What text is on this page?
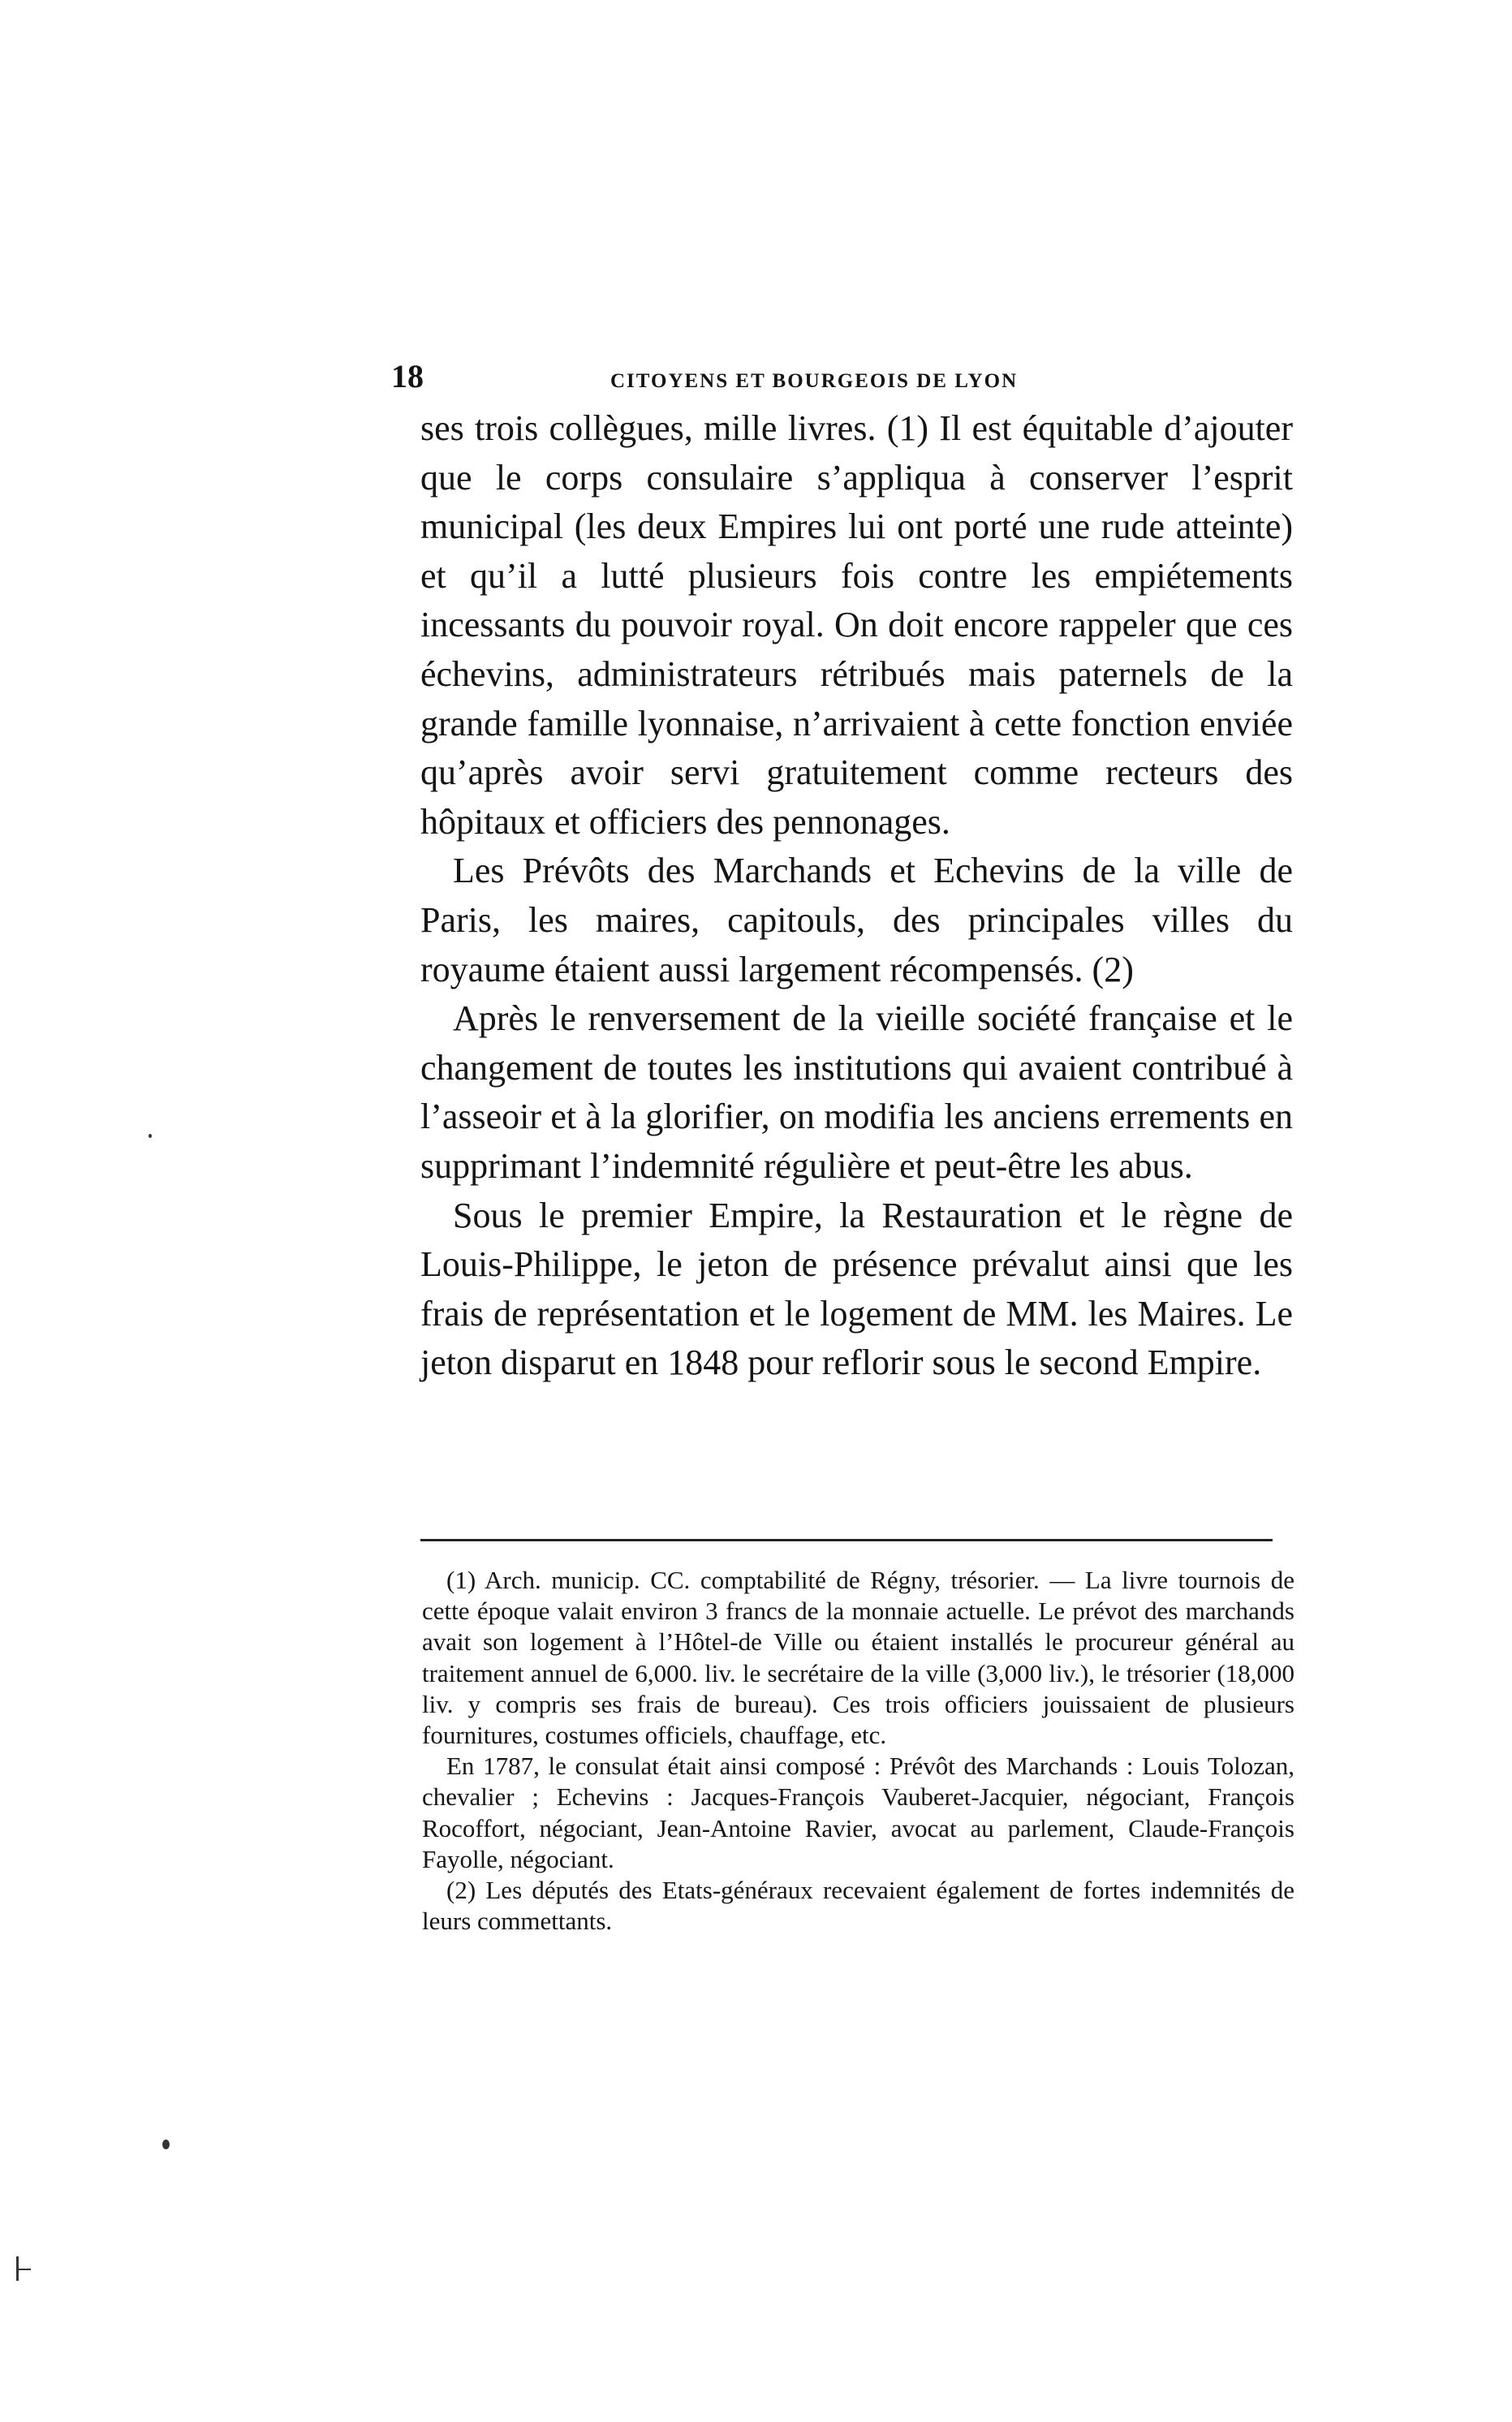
18	CITOYENS ET BOURGEOIS DE LYON

ses trois collègues, mille livres. (1) Il est équitable d’ajouter que le corps consulaire s’appliqua à conserver l’esprit municipal (les deux Empires lui ont porté une rude atteinte) et qu’il a lutté plusieurs fois contre les empiétements incessants du pouvoir royal. On doit encore rappeler que ces échevins, administrateurs rétribués mais paternels de la grande famille lyonnaise, n’arrivaient à cette fonction enviée qu’après avoir servi gratuitement comme recteurs des hôpitaux et officiers des pennonages.

Les Prévôts des Marchands et Echevins de la ville de Paris, les maires, capitouls, des principales villes du royaume étaient aussi largement récompensés. (2)

Après le renversement de la vieille société française et le changement de toutes les institutions qui avaient contribué à l’asseoir et à la glorifier, on modifia les anciens errements en supprimant l’indemnité régulière et peut-être les abus.

Sous le premier Empire, la Restauration et le règne de Louis-Philippe, le jeton de présence prévalut ainsi que les frais de représentation et le logement de MM. les Maires. Le jeton disparut en 1848 pour reflorir sous le second Empire.

(1) Arch. municip. CC. comptabilité de Régny, trésorier. — La livre tournois de cette époque valait environ 3 francs de la monnaie actuelle. Le prévot des marchands avait son logement à l’Hôtel-de Ville ou étaient installés le procureur général au traitement annuel de 6,000. liv. le secrétaire de la ville (3,000 liv.), le trésorier (18,000 liv. y compris ses frais de bureau). Ces trois officiers jouissaient de plusieurs fournitures, costumes officiels, chauffage, etc.

En 1787, le consulat était ainsi composé : Prévôt des Marchands : Louis Tolozan, chevalier ; Echevins : Jacques-François Vauberet-Jacquier, négociant, François Rocoffort, négociant, Jean-Antoine Ravier, avocat au parlement, Claude-François Fayolle, négociant.

(2) Les députés des Etats-généraux recevaient également de fortes indemnités de leurs commettants.
